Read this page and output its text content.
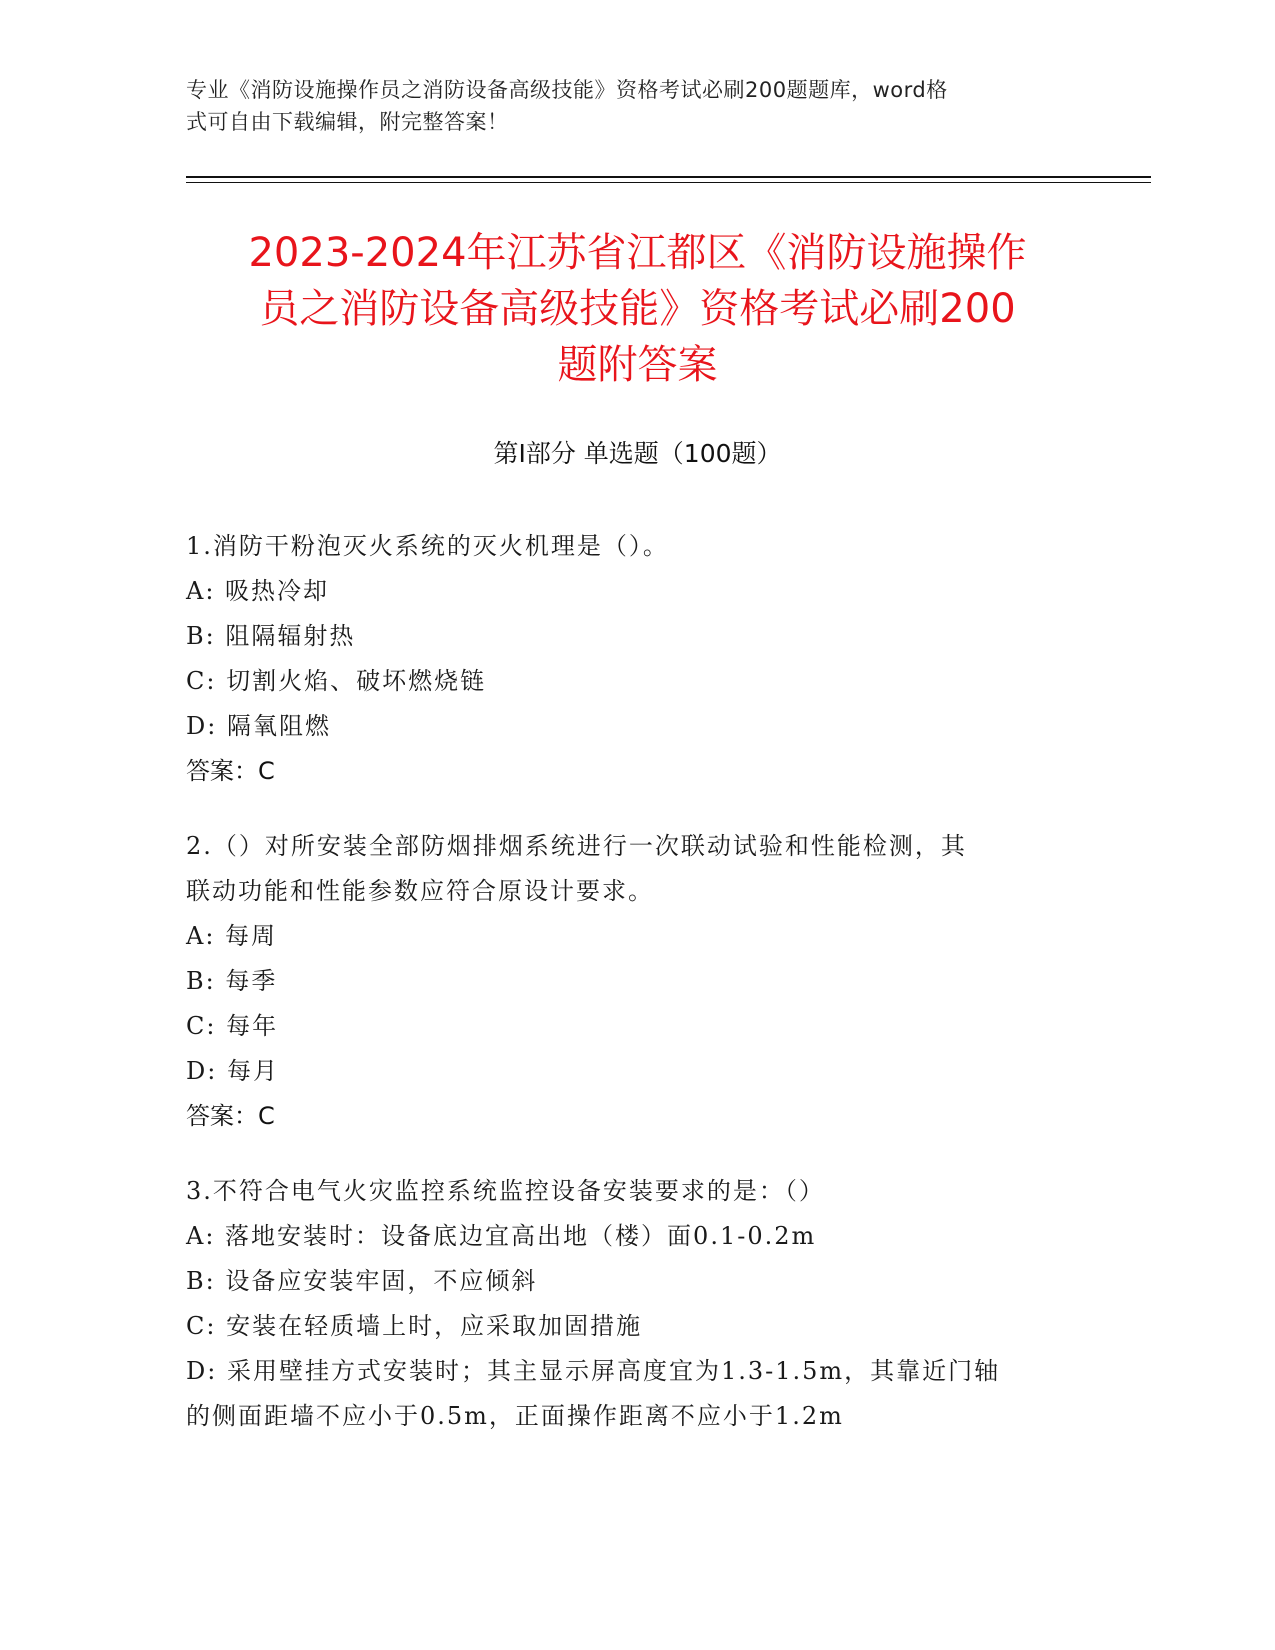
专业《消防设施操作员之消防设备高级技能》资格考试必刷200题题库，word格
式可自由下载编辑，附完整答案！
2023-2024年江苏省江都区《消防设施操作
员之消防设备高级技能》资格考试必刷200
题附答案
第Ⅰ部分 单选题（100题）

1.消防干粉泡灭火系统的灭火机理是（）。

A: 吸热冷却

B: 阻隔辐射热

C: 切割火焰、破坏燃烧链

D: 隔氧阻燃

答案：C

2.（）对所安装全部防烟排烟系统进行一次联动试验和性能检测，其

联动功能和性能参数应符合原设计要求。

A: 每周

B: 每季

C: 每年

D: 每月

答案：C

3.不符合电气火灾监控系统监控设备安装要求的是：（）

A: 落地安装时：设备底边宜高出地（楼）面0.1-0.2m

B: 设备应安装牢固，不应倾斜

C: 安装在轻质墙上时，应采取加固措施

D: 采用壁挂方式安装时；其主显示屏高度宜为1.3-1.5m，其靠近门轴

的侧面距墙不应小于0.5m，正面操作距离不应小于1.2m
